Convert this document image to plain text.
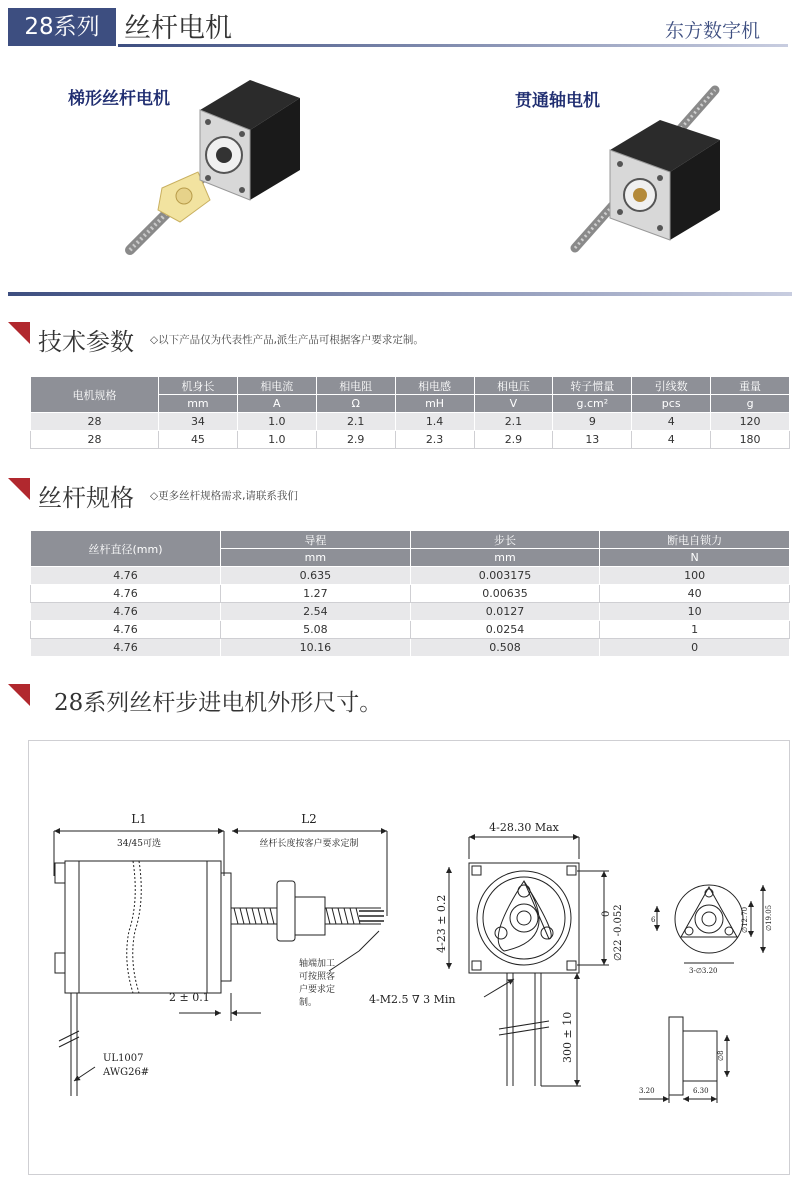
28系列 丝杆电机	东方数字机
梯形丝杆电机	贯通轴电机
技术参数 ◇以下产品仅为代表性产品,派生产品可根据客户要求定制。
电机规格	机身长	相电流	相电阻	相电感	相电压	转子惯量	引线数	重量
	mm	A	Ω	mH	V	g.cm²	pcs	g
28	34	1.0	2.1	1.4	2.1	9	4	120
28	45	1.0	2.9	2.3	2.9	13	4	180
丝杆规格 ◇更多丝杆规格需求,请联系我们
丝杆直径(mm)	导程	步长	断电自锁力
	mm	mm	N
4.76	0.635	0.003175	100
4.76	1.27	0.00635	40
4.76	2.54	0.0127	10
4.76	5.08	0.0254	1
4.76	10.16	0.508	0
28系列丝杆步进电机外形尺寸。
L1
34/45可选
L2
丝杆长度按客户要求定制
2 ± 0.1
轴端加工
可按照客
户要求定
制。
UL1007
AWG26#
4-28.30 Max
4-23 ± 0.2	∅22 -0.052
0
4-M2.5 ∇ 3 Min
300 ± 10
∅19.05
∅12.70
6
3-∅3.20
∅8
3.20	6.30
